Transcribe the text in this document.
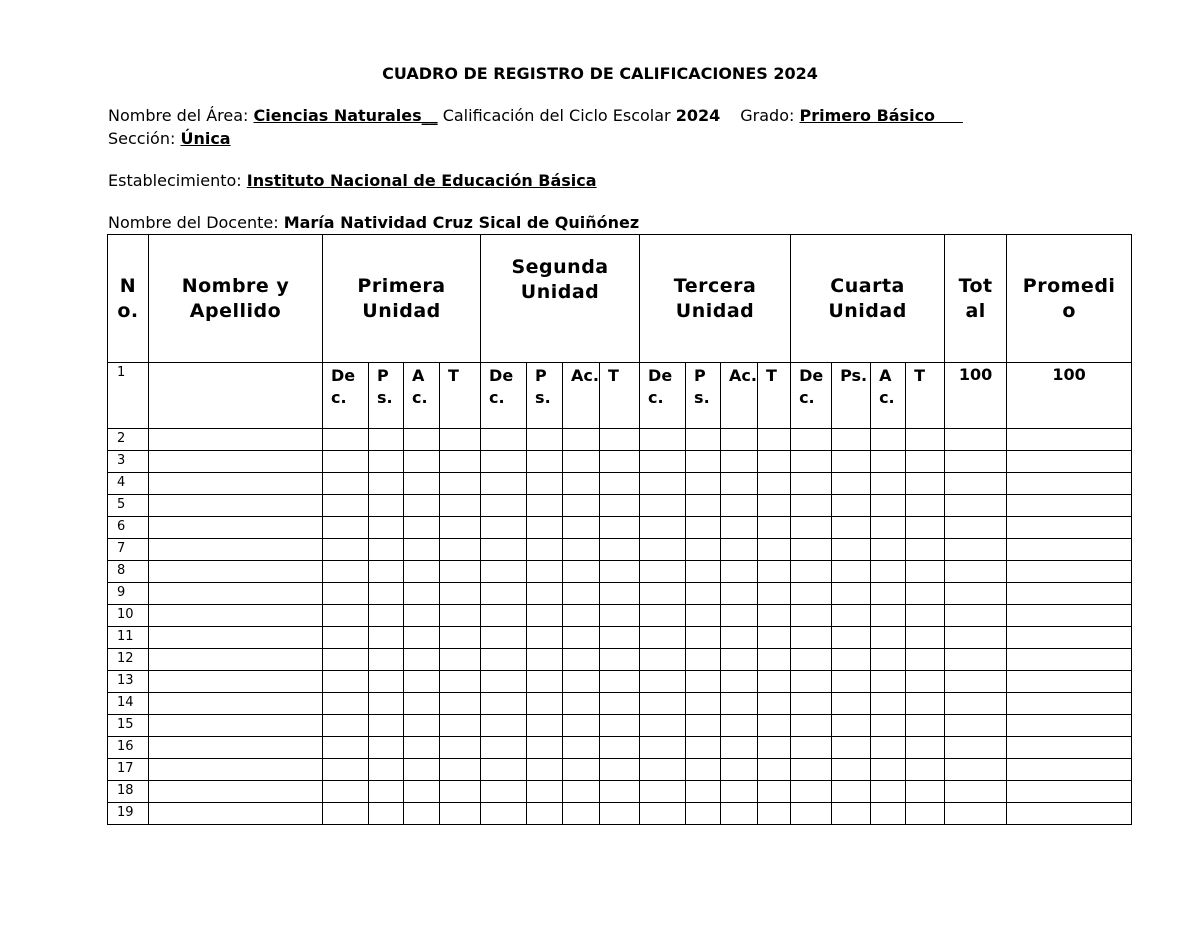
CUADRO DE REGISTRO DE CALIFICACIONES 2024
Nombre del Área: Ciencias Naturales__ Calificación del Ciclo Escolar 2024 Grado: Primero Básico
Sección: Única
Establecimiento: Instituto Nacional de Educación Básica
Nombre del Docente: María Natividad Cruz Sical de Quiñónez
No.	Nombre y Apellido	Primera Unidad				Segunda Unidad				Tercera Unidad				Cuarta Unidad				Total	Promedio
1		Dec.	Ps.	Ac.	T	Dec.	Ps.	Ac.	T	Dec.	Ps.	Ac.	T	Dec.	Ps.	Ac.	T	100	100
2																			
3																			
4																			
5																			
6																			
7																			
8																			
9																			
10																			
11																			
12																			
13																			
14																			
15																			
16																			
17																			
18																			
19																			
